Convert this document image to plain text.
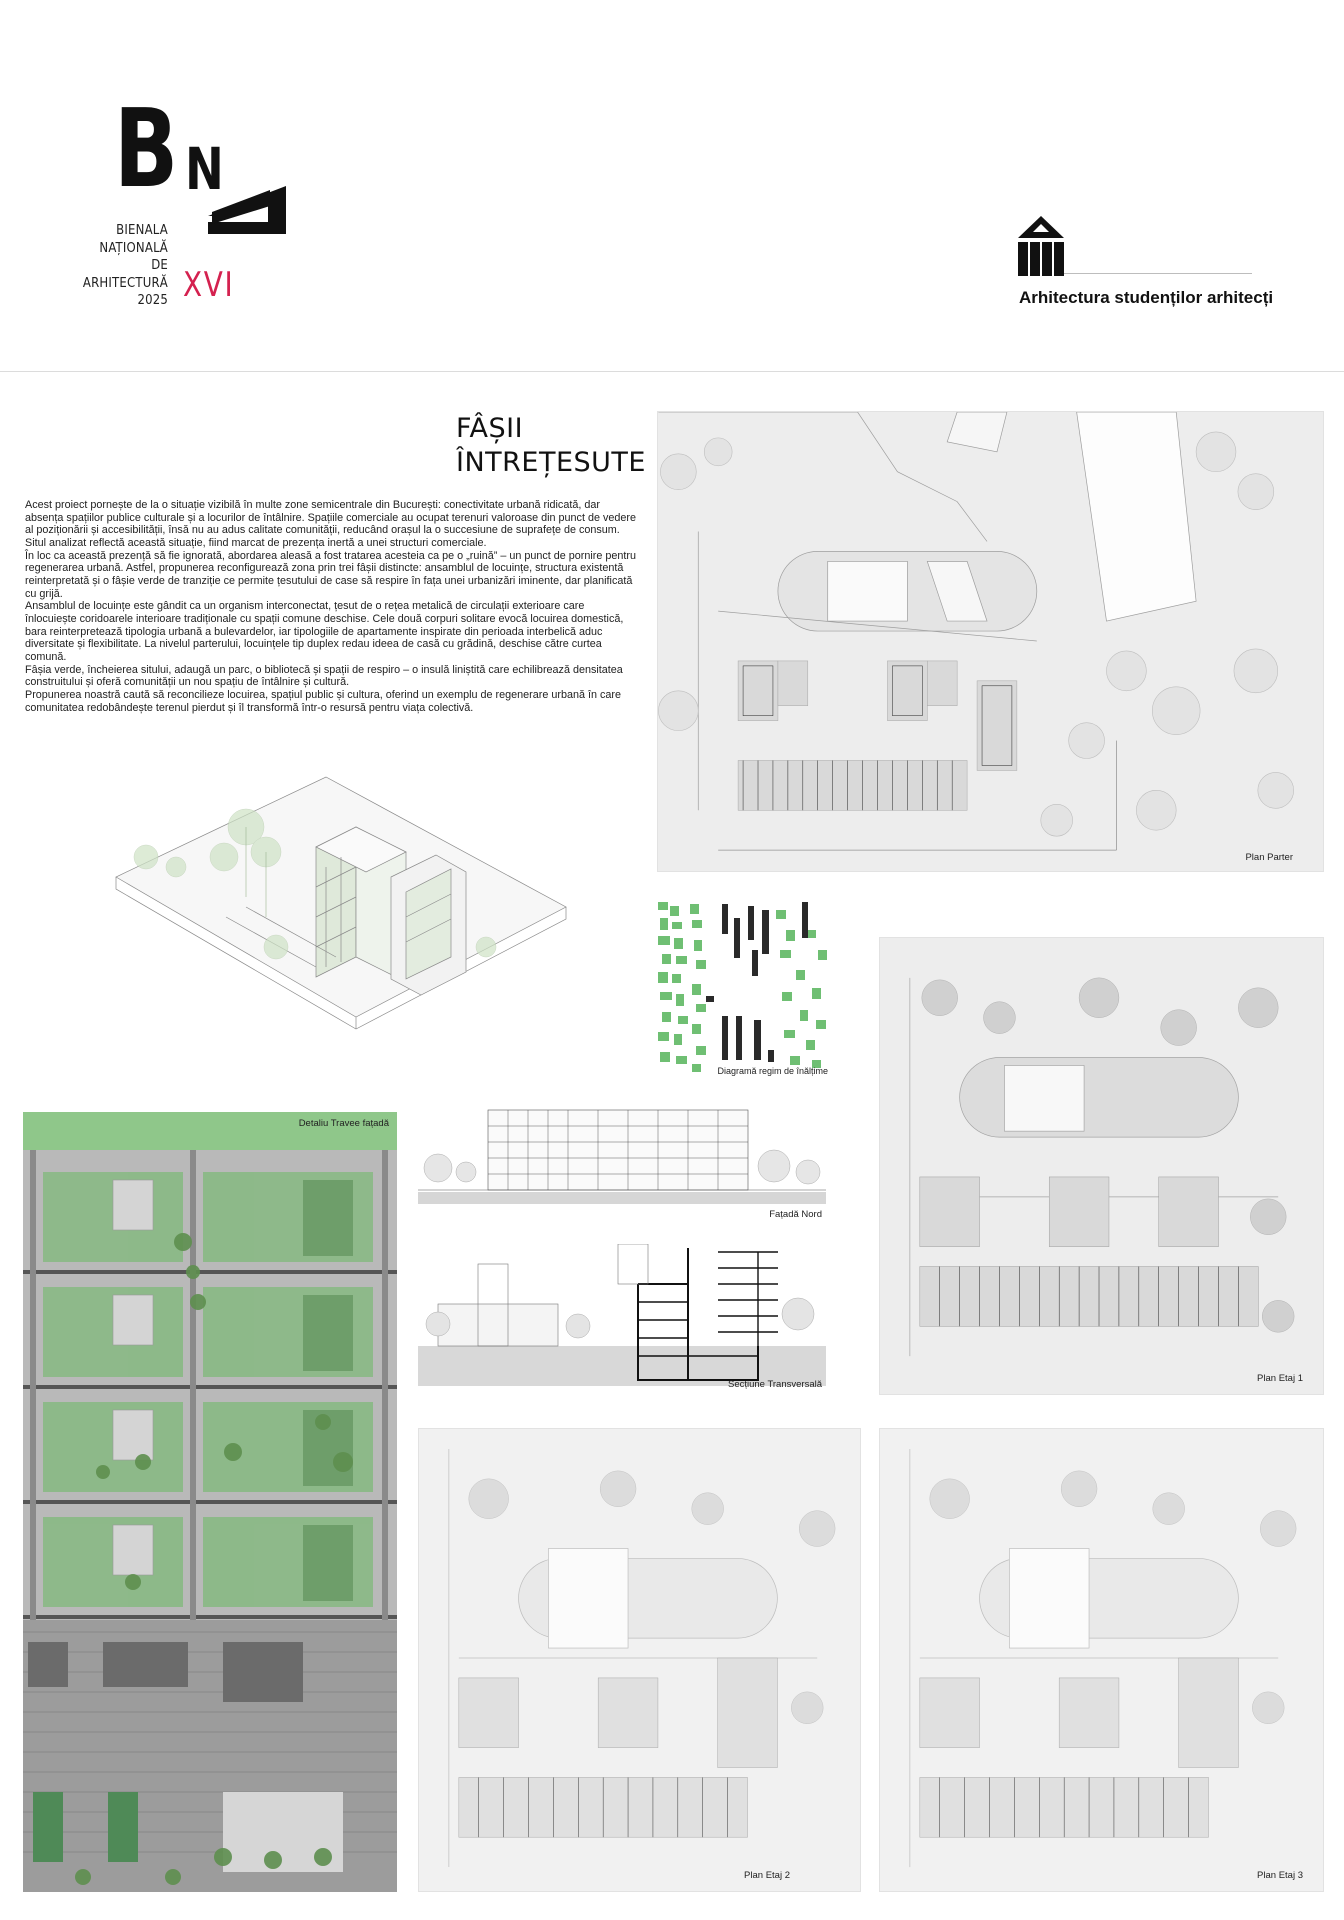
B N
BIENALA
NAȚIONALĂ
DE
ARHITECTURĂ
2025 XVI	Arhitectura studenților arhitecți
FÂȘII
ÎNTREȚESUTE

Acest proiect pornește de la o situație vizibilă în multe zone semicentrale din București: conectivitate urbană ridicată, dar absența spațiilor publice culturale și a locurilor de întâlnire. Spațiile comerciale au ocupat terenuri valoroase din punct de vedere al poziționării și accesibilității, însă nu au adus calitate comunității, reducând orașul la o succesiune de suprafețe de consum. Situl analizat reflectă această situație, fiind marcat de prezența inertă a unei structuri comerciale.

În loc ca această prezență să fie ignorată, abordarea aleasă a fost tratarea acesteia ca pe o „ruină” – un punct de pornire pentru regenerarea urbană. Astfel, propunerea reconfigurează zona prin trei fâșii distincte: ansamblul de locuințe, structura existentă reinterpretată și o fâșie verde de tranziție ce permite țesutului de case să respire în fața unei urbanizări iminente, dar planificată cu grijă.

Ansamblul de locuințe este gândit ca un organism interconectat, țesut de o rețea metalică de circulații exterioare care înlocuiește coridoarele interioare tradiționale cu spații comune deschise. Cele două corpuri solitare evocă locuirea domestică, bara reinterpretează tipologia urbană a bulevardelor, iar tipologiile de apartamente inspirate din perioada interbelică aduc diversitate și flexibilitate. La nivelul parterului, locuințele tip duplex redau ideea de casă cu grădină, deschise către curtea comună.

Fâșia verde, încheierea sitului, adaugă un parc, o bibliotecă și spații de respiro – o insulă liniștită care echilibrează densitatea construitului și oferă comunității un nou spațiu de întâlnire și cultură.

Propunerea noastră caută să reconcilieze locuirea, spațiul public și cultura, oferind un exemplu de regenerare urbană în care comunitatea redobândește terenul pierdut și îl transformă într-o resursă pentru viața colectivă.

Plan Parter
Diagramă regim de înălțime
Fațadă Nord
Secțiune Transversală
Detaliu Travee fațadă
Plan Etaj 1
Plan Etaj 2	Plan Etaj 3
